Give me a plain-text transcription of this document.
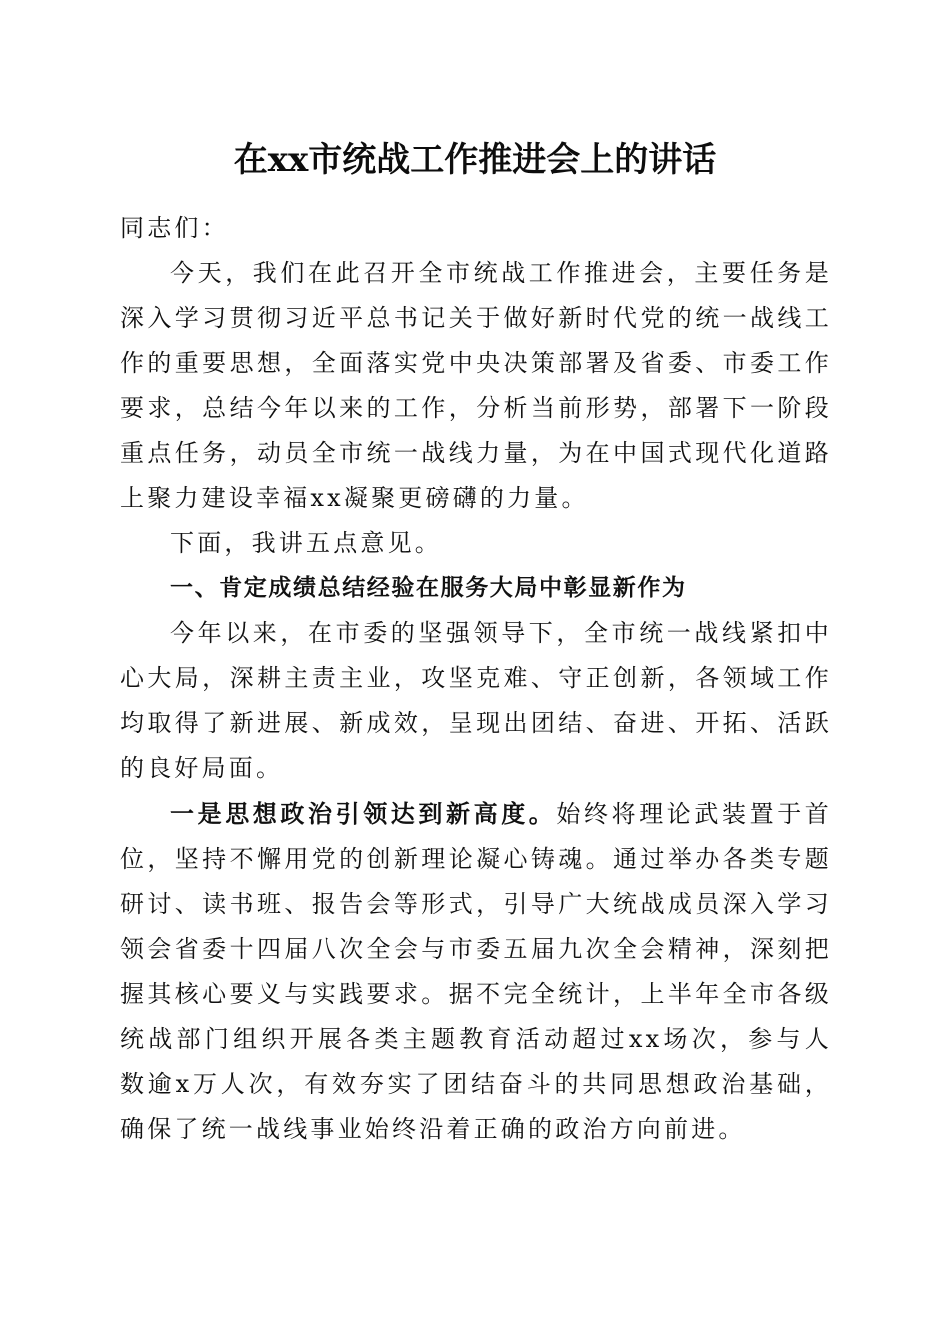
在xx市统战工作推进会上的讲话

同志们：

今天，我们在此召开全市统战工作推进会，主要任务是深入学习贯彻习近平总书记关于做好新时代党的统一战线工作的重要思想，全面落实党中央决策部署及省委、市委工作要求，总结今年以来的工作，分析当前形势，部署下一阶段重点任务，动员全市统一战线力量，为在中国式现代化道路上聚力建设幸福xx凝聚更磅礴的力量。

下面，我讲五点意见。

一、肯定成绩总结经验在服务大局中彰显新作为

今年以来，在市委的坚强领导下，全市统一战线紧扣中心大局，深耕主责主业，攻坚克难、守正创新，各领域工作均取得了新进展、新成效，呈现出团结、奋进、开拓、活跃的良好局面。

一是思想政治引领达到新高度。始终将理论武装置于首位，坚持不懈用党的创新理论凝心铸魂。通过举办各类专题研讨、读书班、报告会等形式，引导广大统战成员深入学习领会省委十四届八次全会与市委五届九次全会精神，深刻把握其核心要义与实践要求。据不完全统计，上半年全市各级统战部门组织开展各类主题教育活动超过xx场次，参与人数逾x万人次，有效夯实了团结奋斗的共同思想政治基础，确保了统一战线事业始终沿着正确的政治方向前进。
